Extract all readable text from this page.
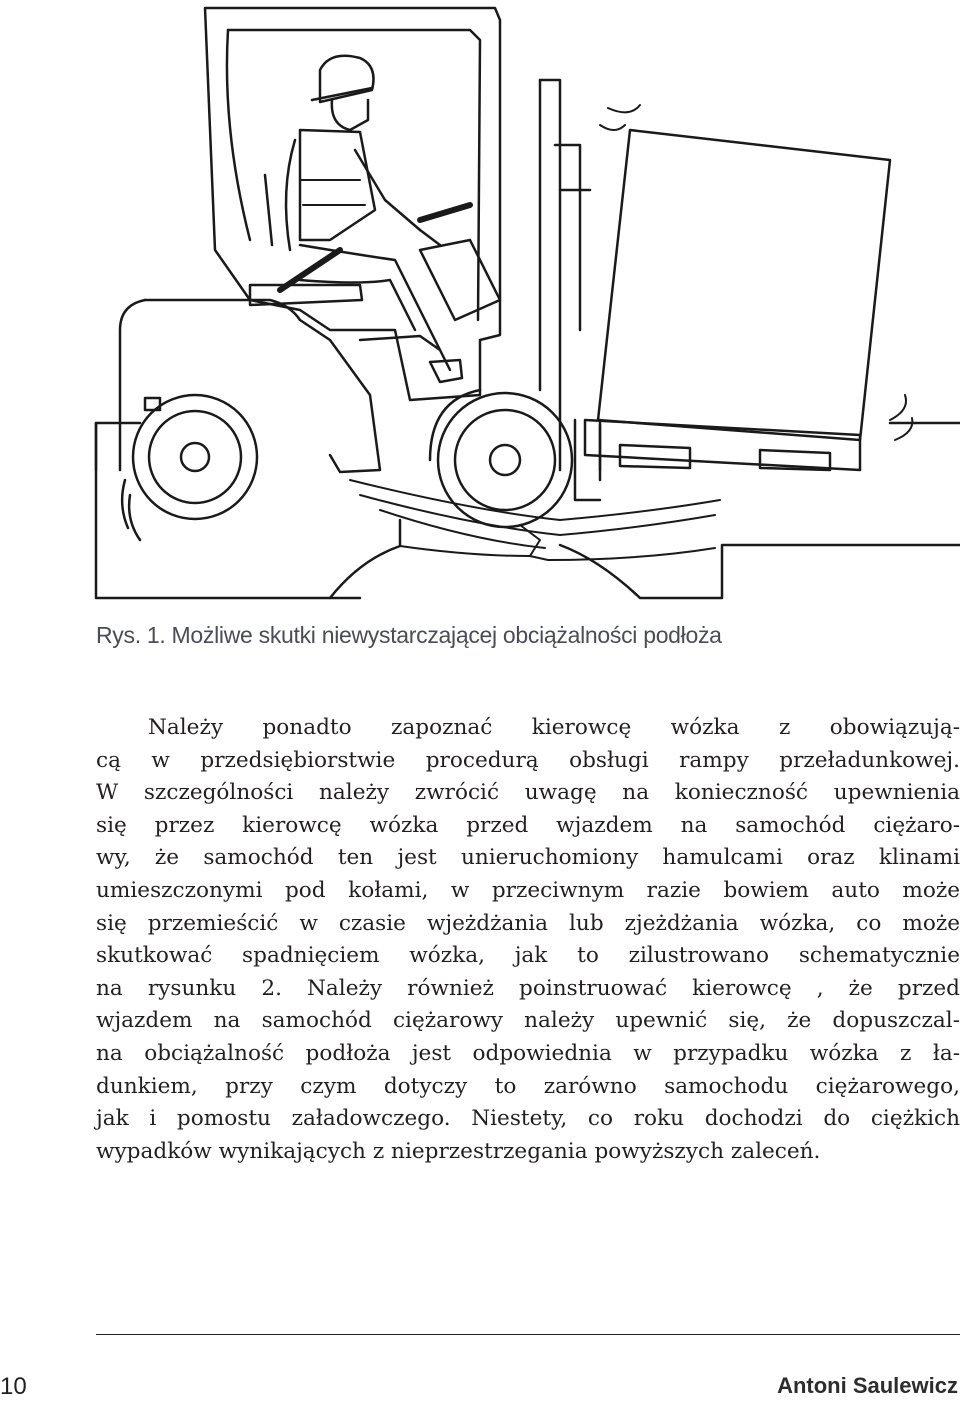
Rys. 1. Możliwe skutki niewystarczającej obciążalności podłoża
Należy ponadto zapoznać kierowcę wózka z obowiązują-
cą w przedsiębiorstwie procedurą obsługi rampy przeładunkowej.
W szczególności należy zwrócić uwagę na konieczność upewnienia
się przez kierowcę wózka przed wjazdem na samochód ciężaro-
wy, że samochód ten jest unieruchomiony hamulcami oraz klinami
umieszczonymi pod kołami, w przeciwnym razie bowiem auto może
się przemieścić w czasie wjeżdżania lub zjeżdżania wózka, co może
skutkować spadnięciem wózka, jak to zilustrowano schematycznie
na rysunku 2. Należy również poinstruować kierowcę , że przed
wjazdem na samochód ciężarowy należy upewnić się, że dopuszczal-
na obciążalność podłoża jest odpowiednia w przypadku wózka z ła-
dunkiem, przy czym dotyczy to zarówno samochodu ciężarowego,
jak i pomostu załadowczego. Niestety, co roku dochodzi do ciężkich
wypadków wynikających z nieprzestrzegania powyższych zaleceń.
10	Antoni Saulewicz
